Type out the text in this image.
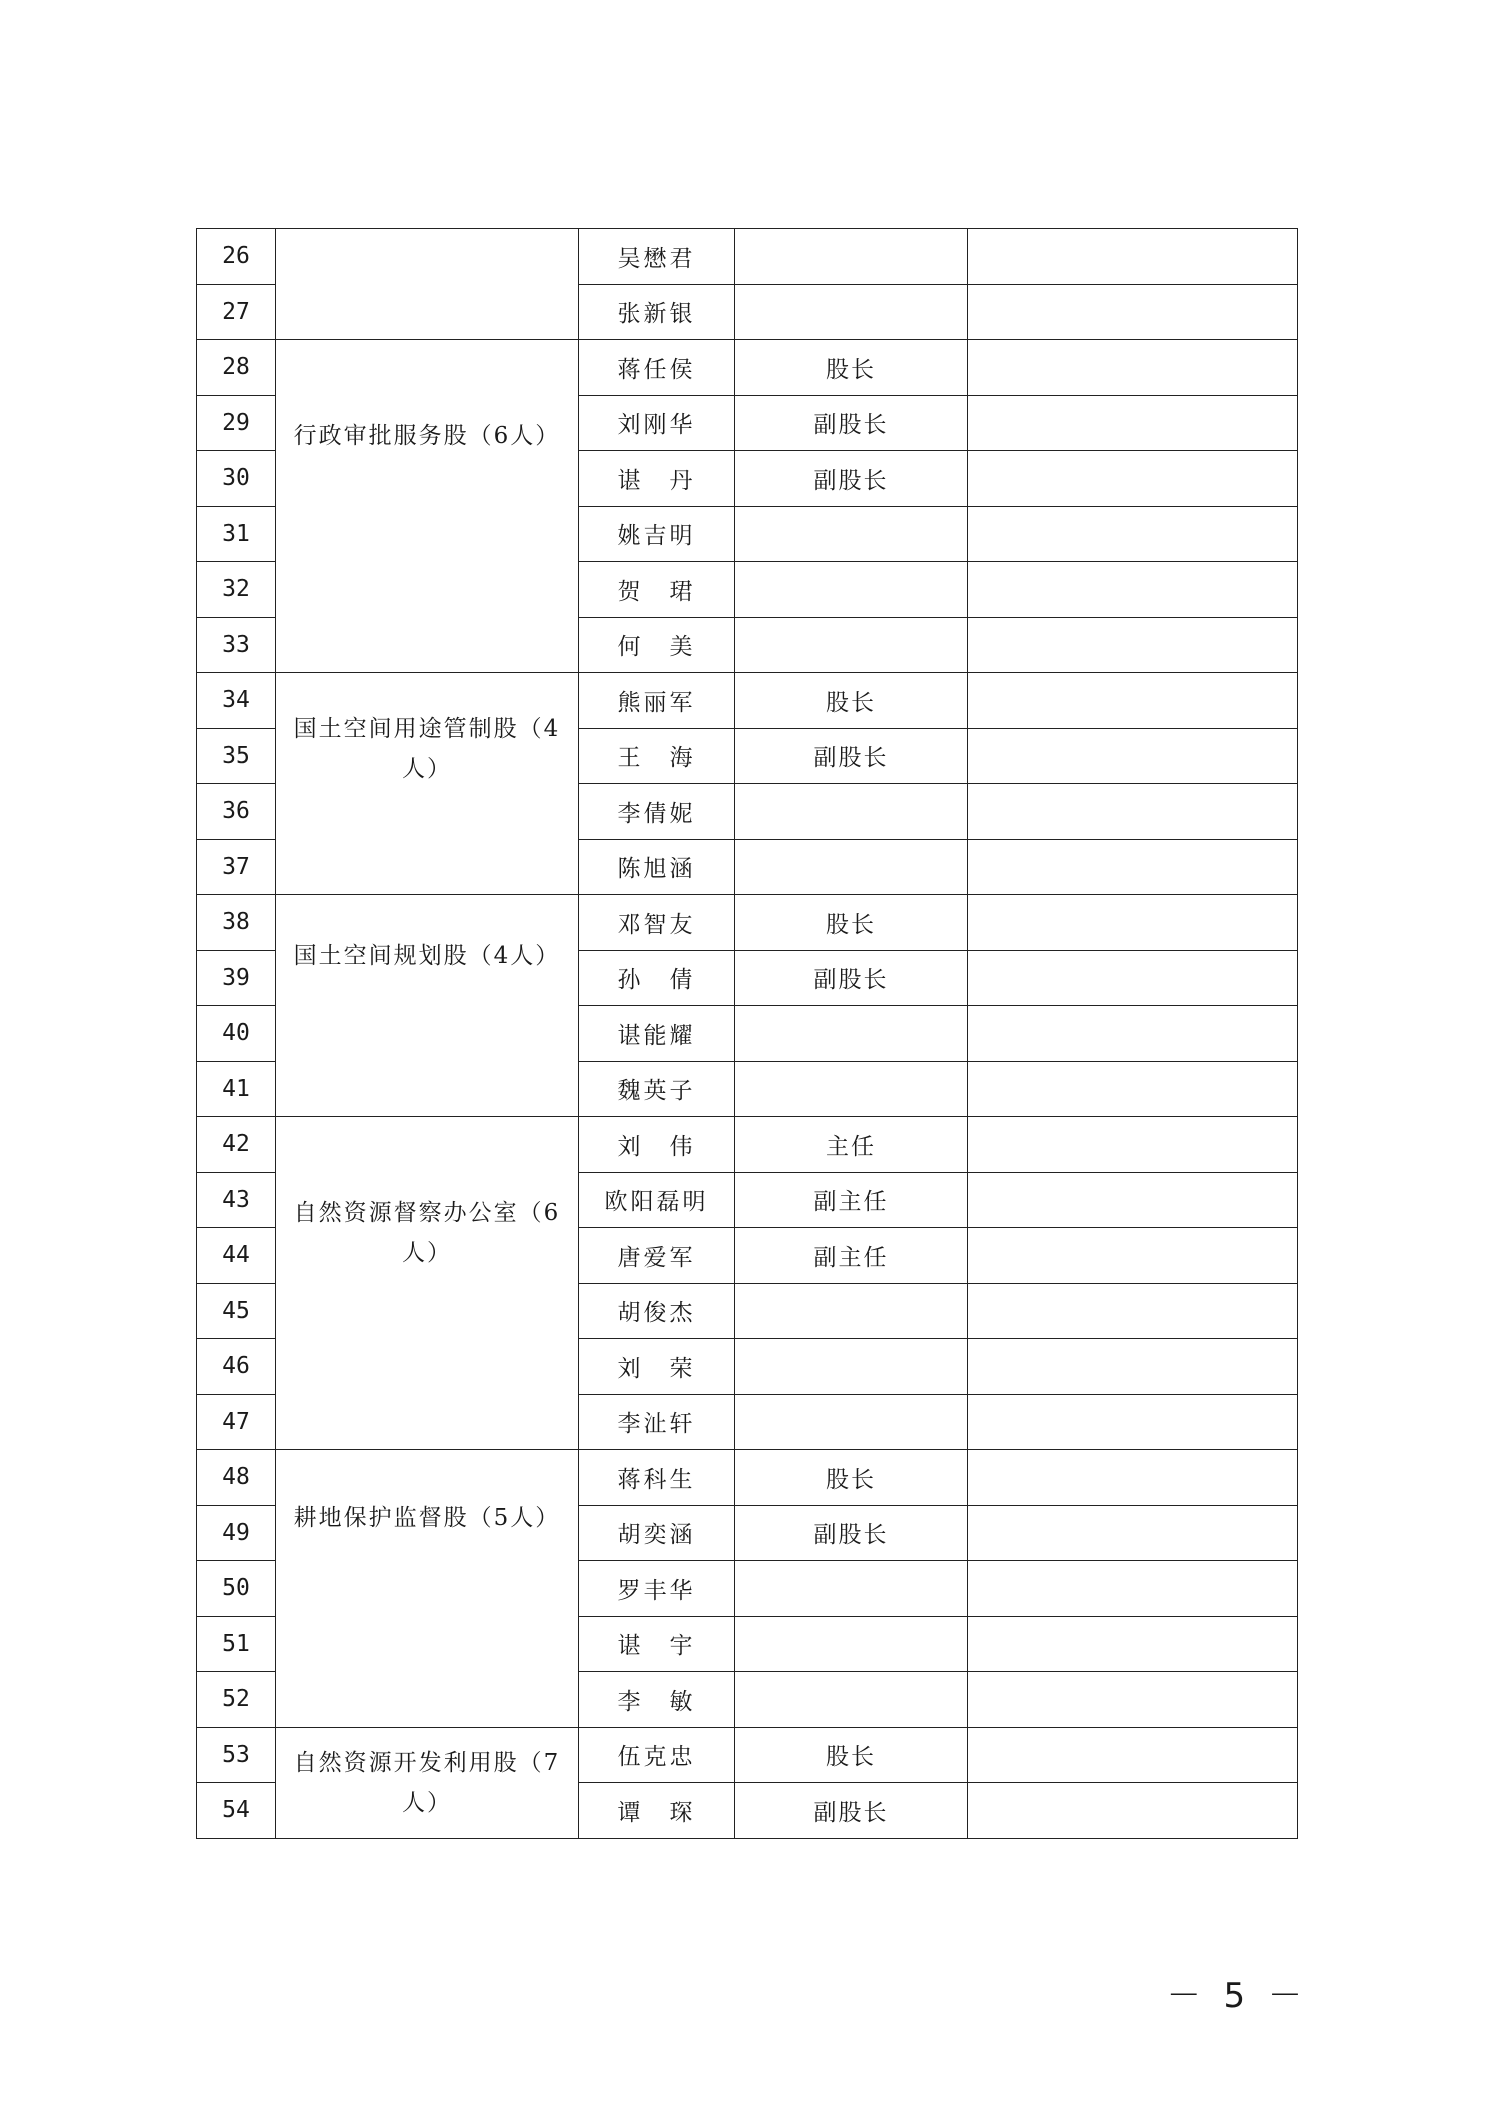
26		吴懋君		
27		张新银		
28	行政审批服务股（6人）	蒋任侯	股长	
29		刘刚华	副股长	
30		谌　丹	副股长	
31		姚吉明		
32		贺　珺		
33		何　美		
34	国土空间用途管制股（4人）	熊丽军	股长	
35		王　海	副股长	
36		李倩妮		
37		陈旭涵		
38	国土空间规划股（4人）	邓智友	股长	
39		孙　倩	副股长	
40		谌能耀		
41		魏英子		
42	自然资源督察办公室（6人）	刘　伟	主任	
43		欧阳磊明	副主任	
44		唐爱军	副主任	
45		胡俊杰		
46		刘　荣		
47		李沚轩		
48	耕地保护监督股（5人）	蒋科生	股长	
49		胡奕涵	副股长	
50		罗丰华		
51		谌　宇		
52		李　敏		
53	自然资源开发利用股（7人）	伍克忠	股长	
54		谭　琛	副股长	
－ 5 －
